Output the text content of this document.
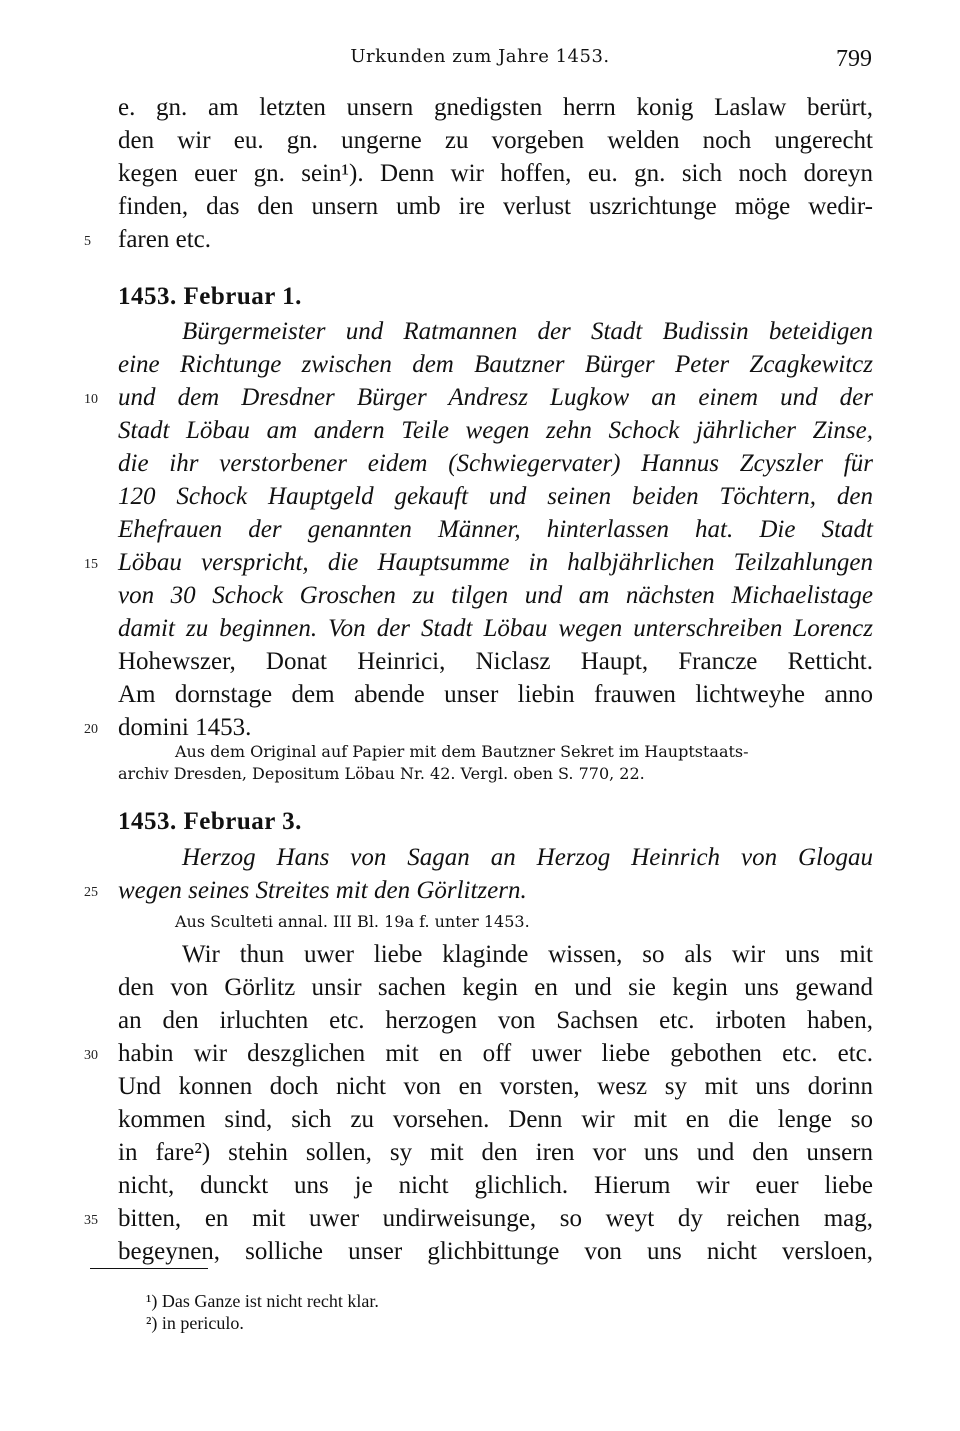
Urkunden zum Jahre 1453.	799
e. gn. am letzten unsern gnedigsten herrn konig Laslaw berürt,
den wir eu. gn. ungerne zu vorgeben welden noch ungerecht
kegen euer gn. sein¹). Denn wir hoffen, eu. gn. sich noch doreyn
finden, das den unsern umb ire verlust uszrichtunge möge wedir-
faren etc.
1453. Februar 1.
Bürgermeister und Ratmannen der Stadt Budissin beteidigen
eine Richtunge zwischen dem Bautzner Bürger Peter Zcagkewitcz
und dem Dresdner Bürger Andresz Lugkow an einem und der
Stadt Löbau am andern Teile wegen zehn Schock jährlicher Zinse,
die ihr verstorbener eidem (Schwiegervater) Hannus Zcyszler für
120 Schock Hauptgeld gekauft und seinen beiden Töchtern, den
Ehefrauen der genannten Männer, hinterlassen hat. Die Stadt
Löbau verspricht, die Hauptsumme in halbjährlichen Teilzahlungen
von 30 Schock Groschen zu tilgen und am nächsten Michaelistage
damit zu beginnen. Von der Stadt Löbau wegen unterschreiben Lorencz
Hohewszer, Donat Heinrici, Niclasz Haupt, Francze Retticht.
Am dornstage dem abende unser liebin frauwen lichtweyhe anno
domini 1453.
Aus dem Original auf Papier mit dem Bautzner Sekret im Hauptstaats-
archiv Dresden, Depositum Löbau Nr. 42. Vergl. oben S. 770, 22.
1453. Februar 3.
Herzog Hans von Sagan an Herzog Heinrich von Glogau
wegen seines Streites mit den Görlitzern.
Aus Sculteti annal. III Bl. 19a f. unter 1453.
Wir thun uwer liebe klaginde wissen, so als wir uns mit
den von Görlitz unsir sachen kegin en und sie kegin uns gewand
an den irluchten etc. herzogen von Sachsen etc. irboten haben,
habin wir deszglichen mit en off uwer liebe gebothen etc. etc.
Und konnen doch nicht von en vorsten, wesz sy mit uns dorinn
kommen sind, sich zu vorsehen. Denn wir mit en die lenge so
in fare²) stehin sollen, sy mit den iren vor uns und den unsern
nicht, dunckt uns je nicht glichlich. Hierum wir euer liebe
bitten, en mit uwer undirweisunge, so weyt dy reichen mag,
begeynen, solliche unser glichbittunge von uns nicht versloen,
5
10
15
20
25
30
35
¹) Das Ganze ist nicht recht klar.
²) in periculo.
